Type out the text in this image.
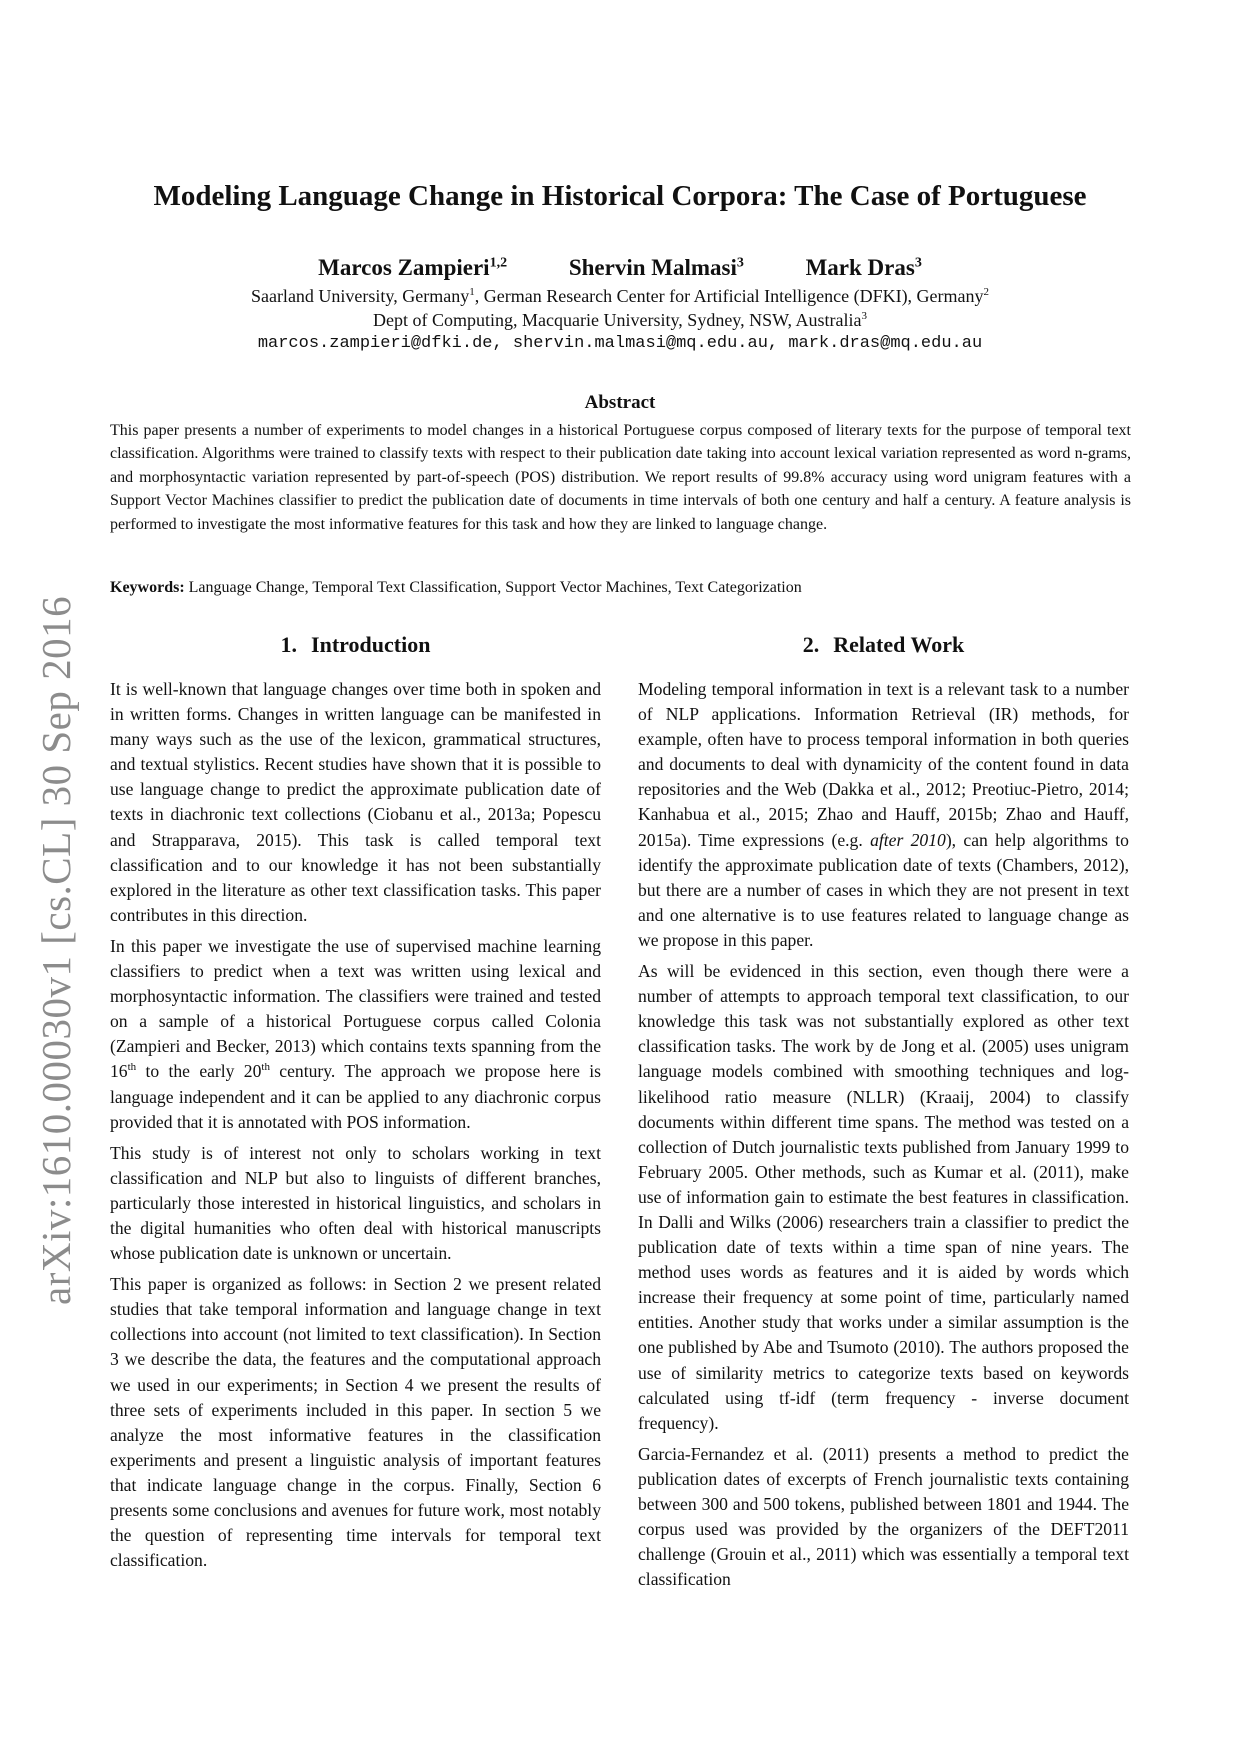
arXiv:1610.00030v1 [cs.CL] 30 Sep 2016
Modeling Language Change in Historical Corpora: The Case of Portuguese
Marcos Zampieri$^{1,2}$	Shervin Malmasi$^3$	Mark Dras$^3$
Saarland University, Germany$^1$, German Research Center for Artificial Intelligence (DFKI), Germany$^2$
Dept of Computing, Macquarie University, Sydney, NSW, Australia$^3$
marcos.zampieri@dfki.de, shervin.malmasi@mq.edu.au, mark.dras@mq.edu.au
Abstract

This paper presents a number of experiments to model changes in a historical Portuguese corpus composed of literary texts for the purpose of temporal text classification. Algorithms were trained to classify texts with respect to their publication date taking into account lexical variation represented as word n-grams, and morphosyntactic variation represented by part-of-speech (POS) distribution. We report results of 99.8% accuracy using word unigram features with a Support Vector Machines classifier to predict the publication date of documents in time intervals of both one century and half a century. A feature analysis is performed to investigate the most informative features for this task and how they are linked to language change.

Keywords: Language Change, Temporal Text Classification, Support Vector Machines, Text Categorization

1. Introduction

It is well-known that language changes over time both in spoken and in written forms. Changes in written language can be manifested in many ways such as the use of the lexicon, grammatical structures, and textual stylistics. Recent studies have shown that it is possible to use language change to predict the approximate publication date of texts in diachronic text collections (Ciobanu et al., 2013a; Popescu and Strapparava, 2015). This task is called temporal text classification and to our knowledge it has not been substantially explored in the literature as other text classification tasks. This paper contributes in this direction.

In this paper we investigate the use of supervised machine learning classifiers to predict when a text was written using lexical and morphosyntactic information. The classifiers were trained and tested on a sample of a historical Portuguese corpus called Colonia (Zampieri and Becker, 2013) which contains texts spanning from the 16th to the early 20th century. The approach we propose here is language independent and it can be applied to any diachronic corpus provided that it is annotated with POS information.

This study is of interest not only to scholars working in text classification and NLP but also to linguists of different branches, particularly those interested in historical linguistics, and scholars in the digital humanities who often deal with historical manuscripts whose publication date is unknown or uncertain.

This paper is organized as follows: in Section 2 we present related studies that take temporal information and language change in text collections into account (not limited to text classification). In Section 3 we describe the data, the features and the computational approach we used in our experiments; in Section 4 we present the results of three sets of experiments included in this paper. In section 5 we analyze the most informative features in the classification experiments and present a linguistic analysis of important features that indicate language change in the corpus. Finally, Section 6 presents some conclusions and avenues for future work, most notably the question of representing time intervals for temporal text classification.

2. Related Work

Modeling temporal information in text is a relevant task to a number of NLP applications. Information Retrieval (IR) methods, for example, often have to process temporal information in both queries and documents to deal with dynamicity of the content found in data repositories and the Web (Dakka et al., 2012; Preotiuc-Pietro, 2014; Kanhabua et al., 2015; Zhao and Hauff, 2015b; Zhao and Hauff, 2015a). Time expressions (e.g. after 2010), can help algorithms to identify the approximate publication date of texts (Chambers, 2012), but there are a number of cases in which they are not present in text and one alternative is to use features related to language change as we propose in this paper.

As will be evidenced in this section, even though there were a number of attempts to approach temporal text classification, to our knowledge this task was not substantially explored as other text classification tasks. The work by de Jong et al. (2005) uses unigram language models combined with smoothing techniques and log-likelihood ratio measure (NLLR) (Kraaij, 2004) to classify documents within different time spans. The method was tested on a collection of Dutch journalistic texts published from January 1999 to February 2005. Other methods, such as Kumar et al. (2011), make use of information gain to estimate the best features in classification. In Dalli and Wilks (2006) researchers train a classifier to predict the publication date of texts within a time span of nine years. The method uses words as features and it is aided by words which increase their frequency at some point of time, particularly named entities. Another study that works under a similar assumption is the one published by Abe and Tsumoto (2010). The authors proposed the use of similarity metrics to categorize texts based on keywords calculated using tf-idf (term frequency - inverse document frequency).

Garcia-Fernandez et al. (2011) presents a method to predict the publication dates of excerpts of French journalistic texts containing between 300 and 500 tokens, published between 1801 and 1944. The corpus used was provided by the organizers of the DEFT2011 challenge (Grouin et al., 2011) which was essentially a temporal text classification
